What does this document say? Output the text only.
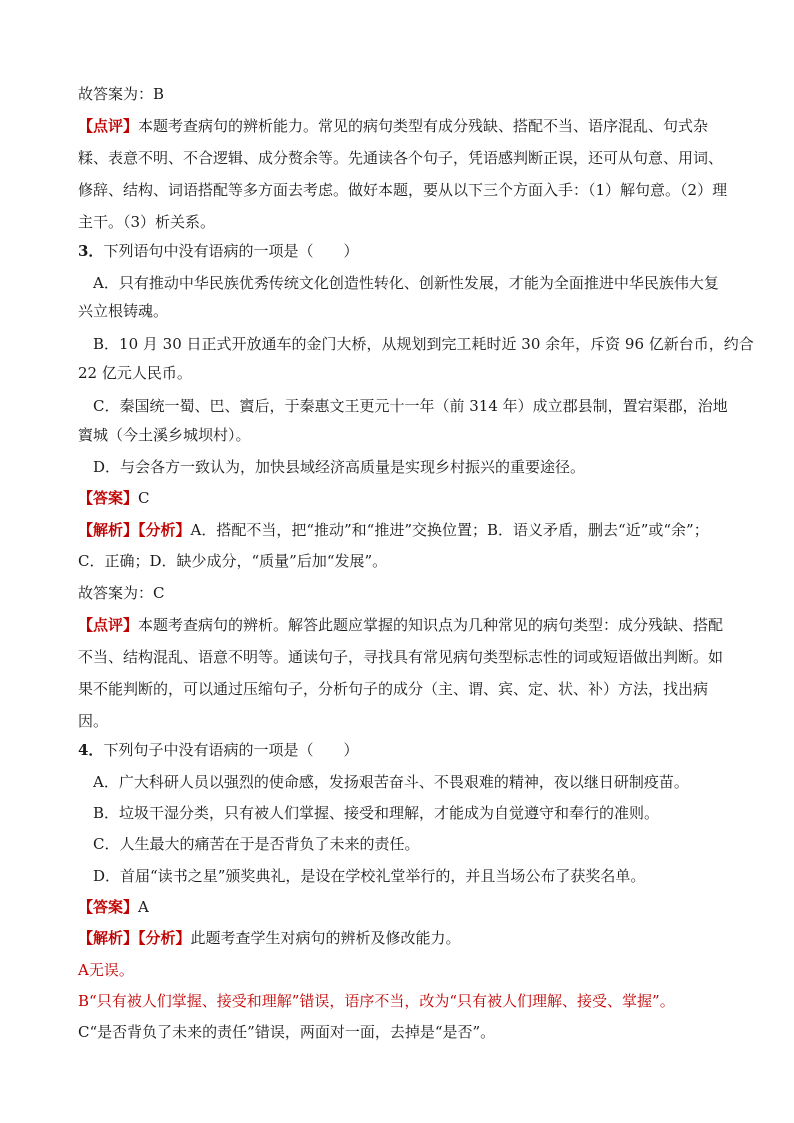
故答案为：B
【点评】本题考查病句的辨析能力。常见的病句类型有成分残缺、搭配不当、语序混乱、句式杂
糅、表意不明、不合逻辑、成分赘余等。先通读各个句子，凭语感判断正误，还可从句意、用词、
修辞、结构、词语搭配等多方面去考虑。做好本题，要从以下三个方面入手：（1）解句意。（2）理
主干。（3）析关系。
3．下列语句中没有语病的一项是（　　）
A．只有推动中华民族优秀传统文化创造性转化、创新性发展，才能为全面推进中华民族伟大复
兴立根铸魂。
B．10 月 30 日正式开放通车的金门大桥，从规划到完工耗时近 30 余年，斥资 96 亿新台币，约合
22 亿元人民币。
C．秦国统一蜀、巴、賨后，于秦惠文王更元十一年（前 314 年）成立郡县制，置宕渠郡，治地
賨城（今土溪乡城坝村）。
D．与会各方一致认为，加快县域经济高质量是实现乡村振兴的重要途径。
【答案】C
【解析】【分析】A．搭配不当，把“推动”和“推进”交换位置；B．语义矛盾，删去“近”或“余”；
C．正确；D．缺少成分，“质量”后加“发展”。
故答案为：C
【点评】本题考查病句的辨析。解答此题应掌握的知识点为几种常见的病句类型：成分残缺、搭配
不当、结构混乱、语意不明等。通读句子，寻找具有常见病句类型标志性的词或短语做出判断。如
果不能判断的，可以通过压缩句子，分析句子的成分（主、谓、宾、定、状、补）方法，找出病
因。
4．下列句子中没有语病的一项是（　　）
A．广大科研人员以强烈的使命感，发扬艰苦奋斗、不畏艰难的精神，夜以继日研制疫苗。
B．垃圾干湿分类，只有被人们掌握、接受和理解，才能成为自觉遵守和奉行的准则。
C．人生最大的痛苦在于是否背负了未来的责任。
D．首届“读书之星”颁奖典礼，是设在学校礼堂举行的，并且当场公布了获奖名单。
【答案】A
【解析】【分析】此题考查学生对病句的辨析及修改能力。
A无误。
B“只有被人们掌握、接受和理解”错误，语序不当，改为“只有被人们理解、接受、掌握”。
C“是否背负了未来的责任”错误，两面对一面，去掉是“是否”。
